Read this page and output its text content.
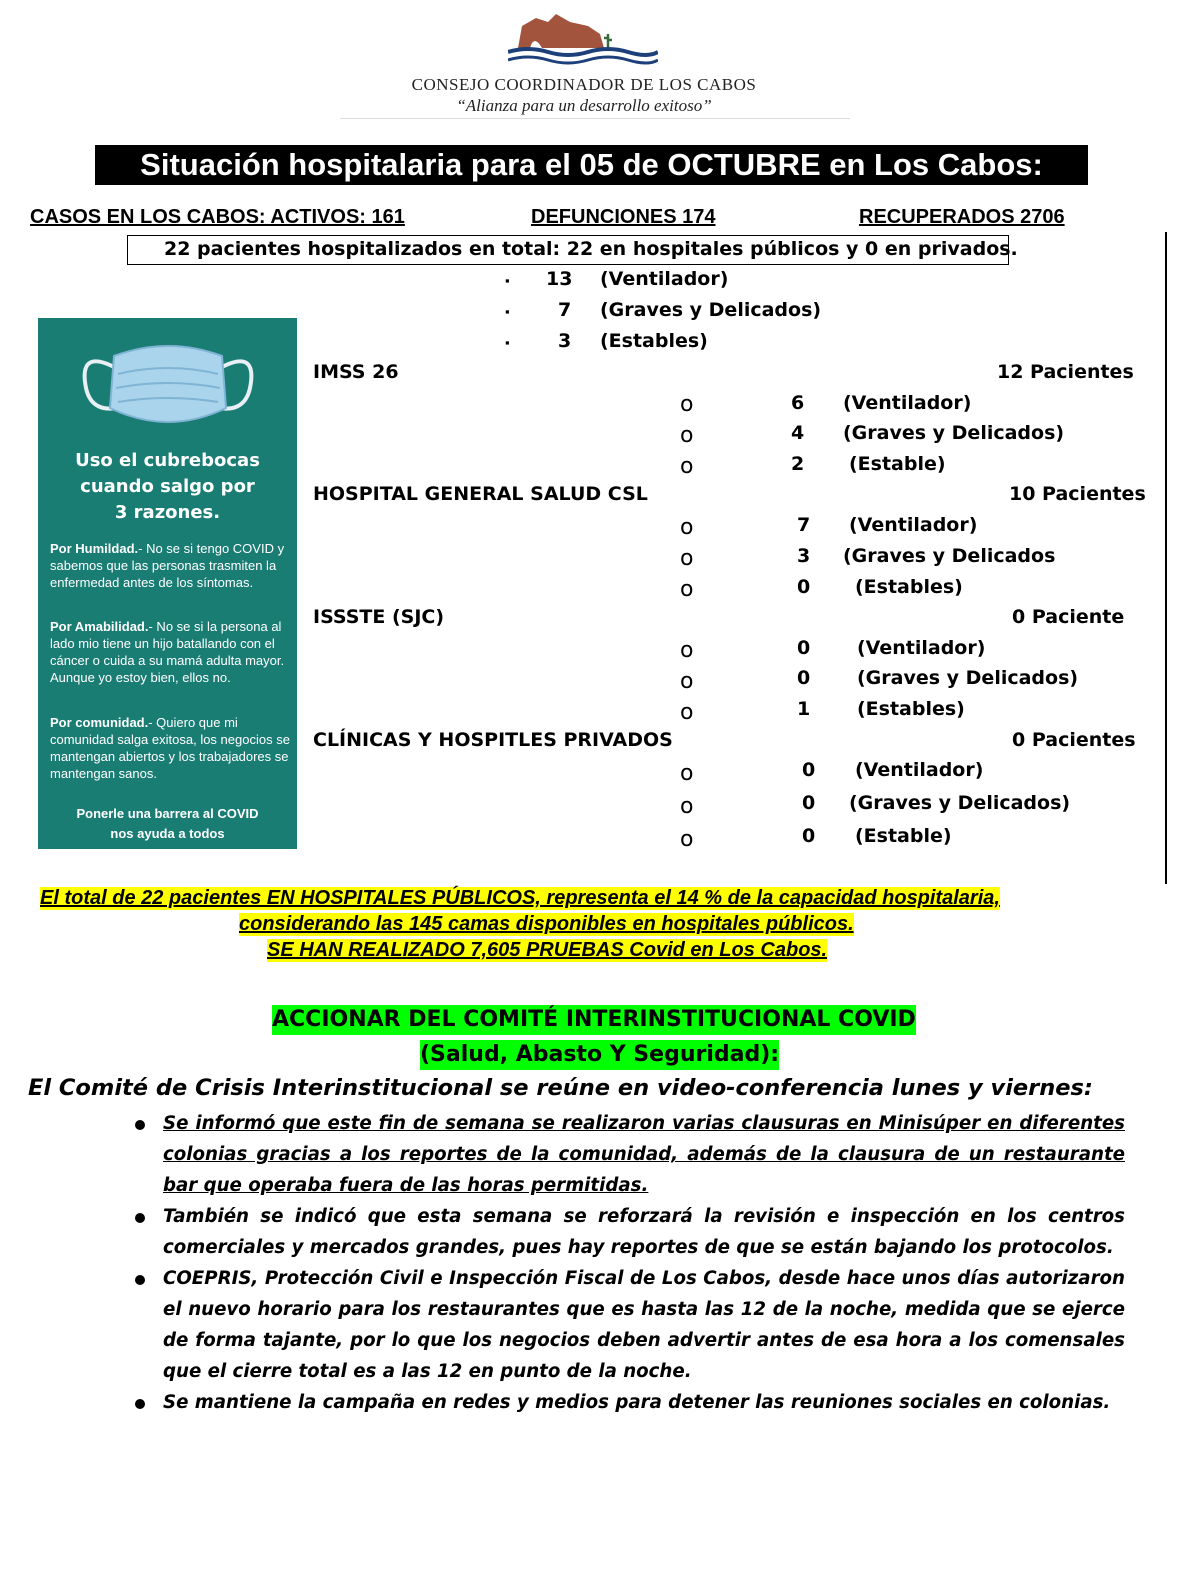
CONSEJO COORDINADOR DE LOS CABOS
“Alianza para un desarrollo exitoso”
Situación hospitalaria para el 05 de OCTUBRE en Los Cabos:
CASOS EN LOS CABOS: ACTIVOS: 161	DEFUNCIONES 174	RECUPERADOS 2706
22 pacientes hospitalizados en total: 22 en hospitales públicos y 0 en privados.
▪ 13 (Ventilador)
▪	7 (Graves y Delicados)
▪	3 (Estables)
IMSS 26	12 Pacientes
o	6 (Ventilador)
o	4 (Graves y Delicados)
o	2 (Estable)
HOSPITAL GENERAL SALUD CSL	10 Pacientes
o	7 (Ventilador)
o	3 (Graves y Delicados
o	0 (Estables)
ISSSTE (SJC)	0 Paciente
o	0 (Ventilador)
o	0 (Graves y Delicados)
o	1 (Estables)
CLÍNICAS Y HOSPITLES PRIVADOS	0 Pacientes
o	0 (Ventilador)
o	0 (Graves y Delicados)
o	0 (Estable)
Uso el cubrebocas
cuando salgo por
3 razones.
Por Humildad.- No se si tengo COVID y sabemos que las personas trasmiten la enfermedad antes de los síntomas.
Por Amabilidad.- No se si la persona al lado mio tiene un hijo batallando con el cáncer o cuida a su mamá adulta mayor. Aunque yo estoy bien, ellos no.
Por comunidad.- Quiero que mi comunidad salga exitosa, los negocios se mantengan abiertos y los trabajadores se mantengan sanos.
Ponerle una barrera al COVID
nos ayuda a todos
El total de 22 pacientes EN HOSPITALES PÚBLICOS, representa el 14 % de la capacidad hospitalaria,
considerando las 145 camas disponibles en hospitales públicos.
SE HAN REALIZADO 7,605 PRUEBAS Covid en Los Cabos.
ACCIONAR DEL COMITÉ INTERINSTITUCIONAL COVID
(Salud, Abasto Y Seguridad):
El Comité de Crisis Interinstitucional se reúne en video-conferencia lunes y viernes:
Se informó que este fin de semana se realizaron varias clausuras en Minisúper en diferentes colonias gracias a los reportes de la comunidad, además de la clausura de un restaurante bar que operaba fuera de las horas permitidas.
También se indicó que esta semana se reforzará la revisión e inspección en los centros comerciales y mercados grandes, pues hay reportes de que se están bajando los protocolos.
COEPRIS, Protección Civil e Inspección Fiscal de Los Cabos, desde hace unos días autorizaron el nuevo horario para los restaurantes que es hasta las 12 de la noche, medida que se ejerce de forma tajante, por lo que los negocios deben advertir antes de esa hora a los comensales que el cierre total es a las 12 en punto de la noche.
Se mantiene la campaña en redes y medios para detener las reuniones sociales en colonias.
